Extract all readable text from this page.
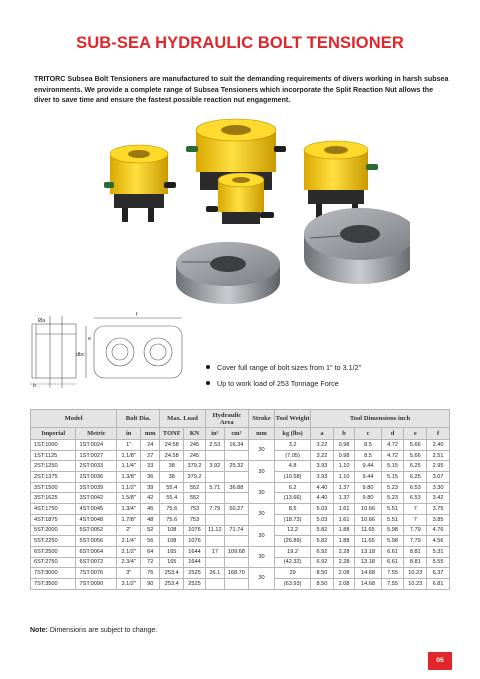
SUB-SEA HYDRAULIC BOLT TENSIONER
TRITORC Subsea Bolt Tensioners are manufactured to suit the demanding requirements of divers working in harsh subsea environments. We provide a complete range of Subsea Tensioners which incorporate the Split Reaction Nut allows the diver to save time and ensure the fastest possible reaction nut engagement.
Øa
f
dbc
e
b
Cover full range of bolt sizes from 1" to 3.1/2"
Up to work load of 253 Tonnage Force
Model		Bolt Dia.		Max. Load		Hydraulic Area		Stroke	Tool Weight	Tool Dimensions inch					
Imperial	Metric	in	mm	TONF	KN	in²	cm²	mm	kg (lbs)	a	b	c	d	e	f
1ST:1000	1ST:0024	1"	24	24.58	245	2.53	16.34	30	3.2	3.22	0.98	8.5	4.72	5.66	2.40
1ST:1125	1ST:0027	1.1/8"	27	24.58	245				(7.05)	3.22	0.98	8.5	4.72	5.66	2.51
2ST:1250	2ST:0033	1.1/4"	33	38	379.2	3.92	25.32	30	4.8	3.93	1.10	9.44	5.15	6.25	2.95
2ST:1375	2ST:0036	1.3/8"	36	38	379.2				(10.58)	3.93	1.10	9.44	5.15	6.25	3.07
3ST:1500	3ST:0039	1.1/2"	39	55.4	552	5.71	36.88	30	6.2	4.40	1.37	9.80	5.23	6.53	3.30
3ST:1625	3ST:0042	1.5/8"	42	55.4	552				(13.66)	4.40	1.37	9.80	5.23	6.53	3.42
4ST:1750	4ST:0045	1.3/4"	45	75.6	753	7.79	50.27	30	8.5	5.03	1.61	10.66	5.51	7	3.75
4ST:1875	4ST:0048	1.7/8"	48	75.6	753				(18.73)	5.03	1.61	10.66	5.51	7	3.85
5ST:2000	5ST:0052	2"	52	108	1076	11.12	71.74	30	12.2	5.82	1.88	11.65	5.98	7.79	4.76
5ST:2250	5ST:0056	2.1/4"	56	108	1076				(26.89)	5.82	1.88	11.65	5.98	7.79	4.56
6ST:2500	6ST:0064	2.1/2"	64	165	1644	17	109.68	30	19.2	6.92	2.28	13.18	6.61	8.81	5.31
6ST:2750	6ST:0072	2.3/4"	72	165	1644				(42.32)	6.92	2.28	13.18	6.61	8.81	5.55
7ST:3000	7ST:0076	3"	76	253.4	2525	26.1	168.70	30	29	8.50	2.08	14.68	7.55	10.23	6.37
7ST:3500	7ST:0090	3.1/2"	90	253.4	2525				(63.93)	8.50	2.08	14.68	7.55	10.23	6.81
Note: Dimensions are subject to change.
05
